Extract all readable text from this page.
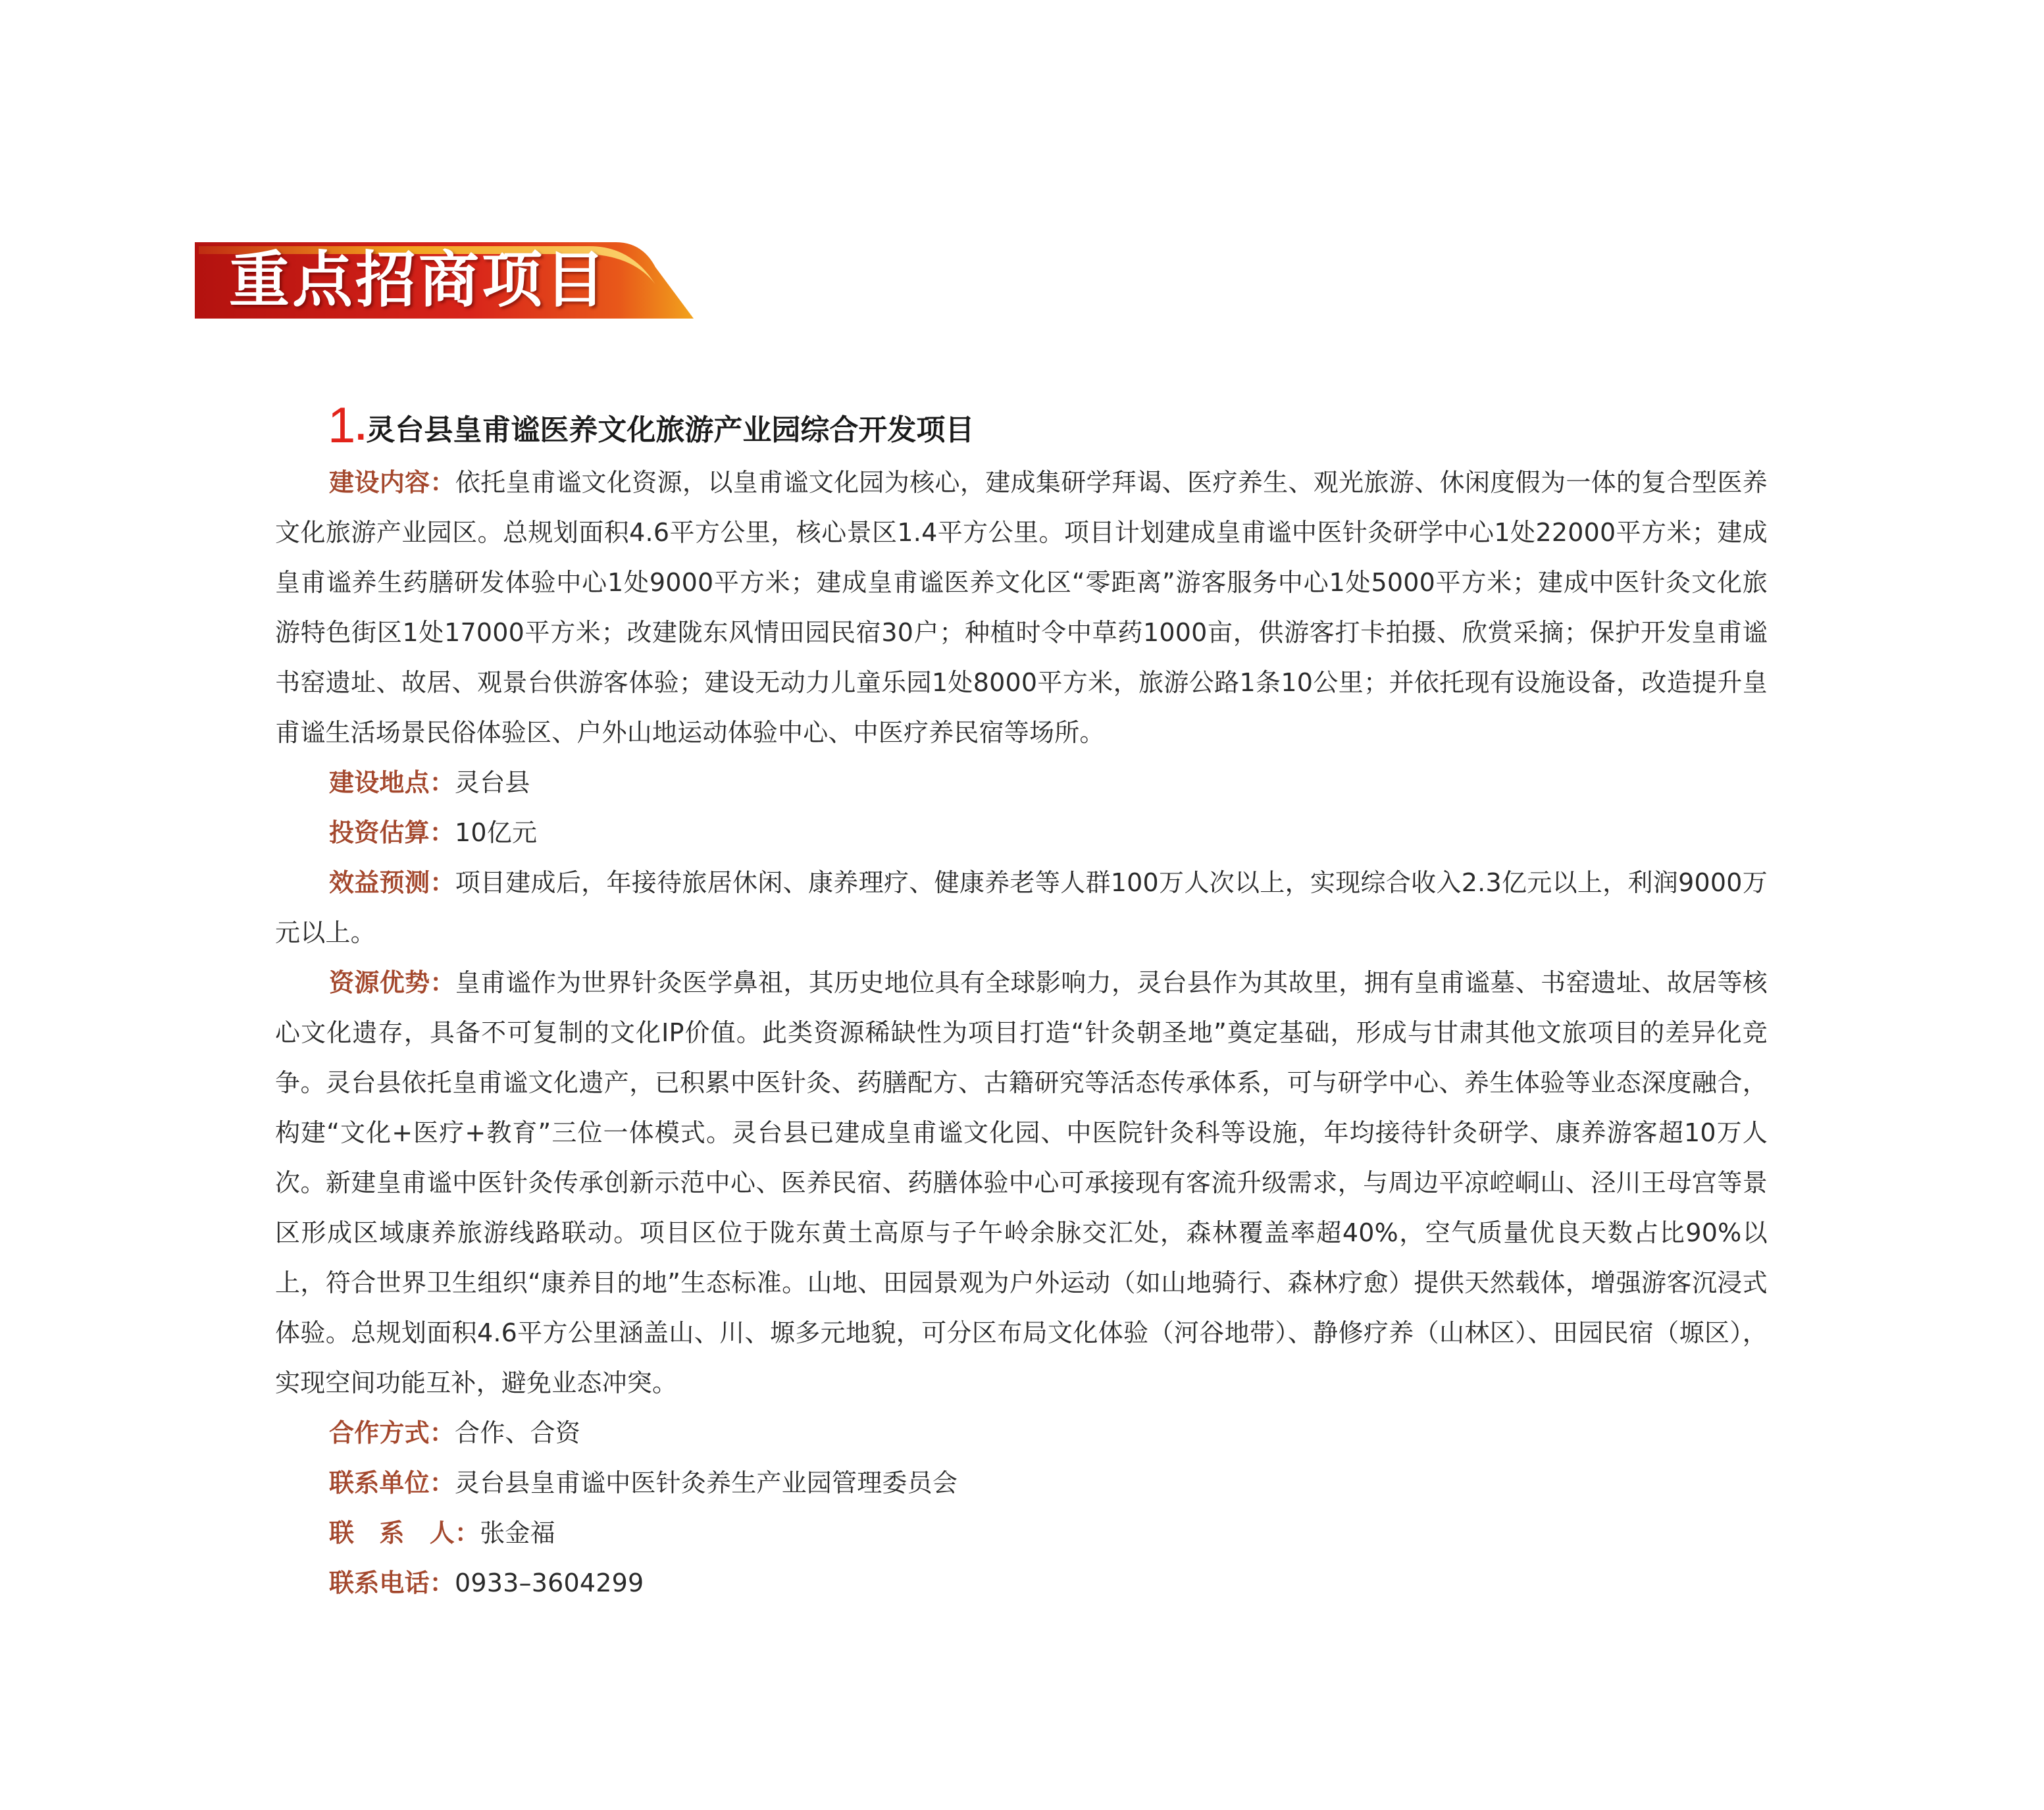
重点招商项目
1.灵台县皇甫谧医养文化旅游产业园综合开发项目

建设内容：依托皇甫谧文化资源，以皇甫谧文化园为核心，建成集研学拜谒、医疗养生、观光旅游、休闲度假为一体的复合型医养文化旅游产业园区。总规划面积4.6平方公里，核心景区1.4平方公里。项目计划建成皇甫谧中医针灸研学中心1处22000平方米；建成皇甫谧养生药膳研发体验中心1处9000平方米；建成皇甫谧医养文化区“零距离”游客服务中心1处5000平方米；建成中医针灸文化旅游特色街区1处17000平方米；改建陇东风情田园民宿30户；种植时令中草药1000亩，供游客打卡拍摄、欣赏采摘；保护开发皇甫谧书窑遗址、故居、观景台供游客体验；建设无动力儿童乐园1处8000平方米，旅游公路1条10公里；并依托现有设施设备，改造提升皇甫谧生活场景民俗体验区、户外山地运动体验中心、中医疗养民宿等场所。

建设地点：灵台县

投资估算：10亿元

效益预测：项目建成后，年接待旅居休闲、康养理疗、健康养老等人群100万人次以上，实现综合收入2.3亿元以上，利润9000万元以上。

资源优势：皇甫谧作为世界针灸医学鼻祖，其历史地位具有全球影响力，灵台县作为其故里，拥有皇甫谧墓、书窑遗址、故居等核心文化遗存，具备不可复制的文化IP价值。此类资源稀缺性为项目打造“针灸朝圣地”奠定基础，形成与甘肃其他文旅项目的差异化竞争。灵台县依托皇甫谧文化遗产，已积累中医针灸、药膳配方、古籍研究等活态传承体系，可与研学中心、养生体验等业态深度融合，构建“文化+医疗+教育”三位一体模式。灵台县已建成皇甫谧文化园、中医院针灸科等设施，年均接待针灸研学、康养游客超10万人次。新建皇甫谧中医针灸传承创新示范中心、医养民宿、药膳体验中心可承接现有客流升级需求，与周边平凉崆峒山、泾川王母宫等景区形成区域康养旅游线路联动。项目区位于陇东黄土高原与子午岭余脉交汇处，森林覆盖率超40%，空气质量优良天数占比90%以上，符合世界卫生组织“康养目的地”生态标准。山地、田园景观为户外运动（如山地骑行、森林疗愈）提供天然载体，增强游客沉浸式体验。总规划面积4.6平方公里涵盖山、川、塬多元地貌，可分区布局文化体验（河谷地带）、静修疗养（山林区）、田园民宿（塬区），实现空间功能互补，避免业态冲突。

合作方式：合作、合资

联系单位：灵台县皇甫谧中医针灸养生产业园管理委员会

联　系　人：张金福

联系电话：0933–3604299
